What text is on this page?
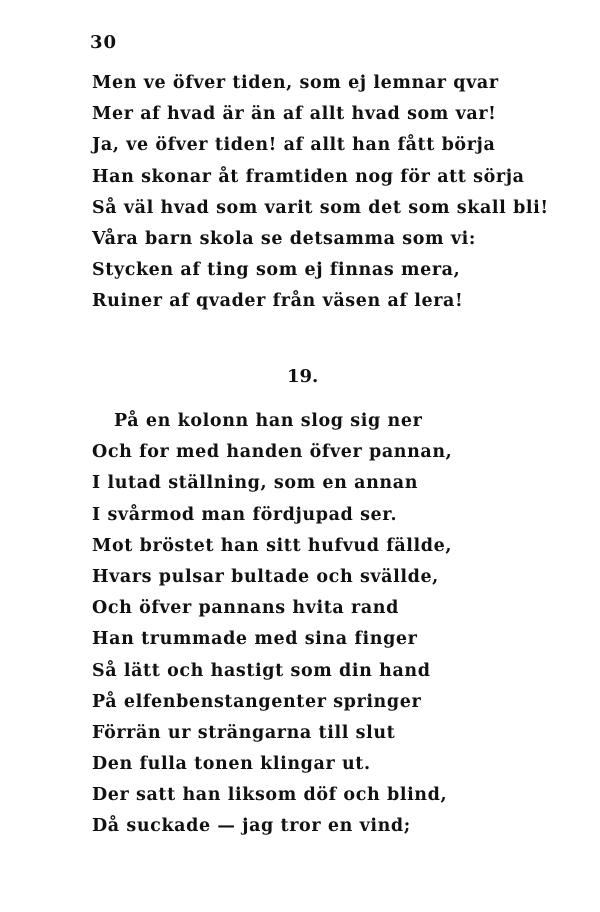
30
Men ve öfver tiden, som ej lemnar qvar
Mer af hvad är än af allt hvad som var!
Ja, ve öfver tiden! af allt han fått börja
Han skonar åt framtiden nog för att sörja
Så väl hvad som varit som det som skall bli!
Våra barn skola se detsamma som vi:
Stycken af ting som ej finnas mera,
Ruiner af qvader från väsen af lera!
19.
På en kolonn han slog sig ner
Och for med handen öfver pannan,
I lutad ställning, som en annan
I svårmod man fördjupad ser.
Mot bröstet han sitt hufvud fällde,
Hvars pulsar bultade och svällde,
Och öfver pannans hvita rand
Han trummade med sina finger
Så lätt och hastigt som din hand
På elfenbenstangenter springer
Förrän ur strängarna till slut
Den fulla tonen klingar ut.
Der satt han liksom döf och blind,
Då suckade — jag tror en vind;
